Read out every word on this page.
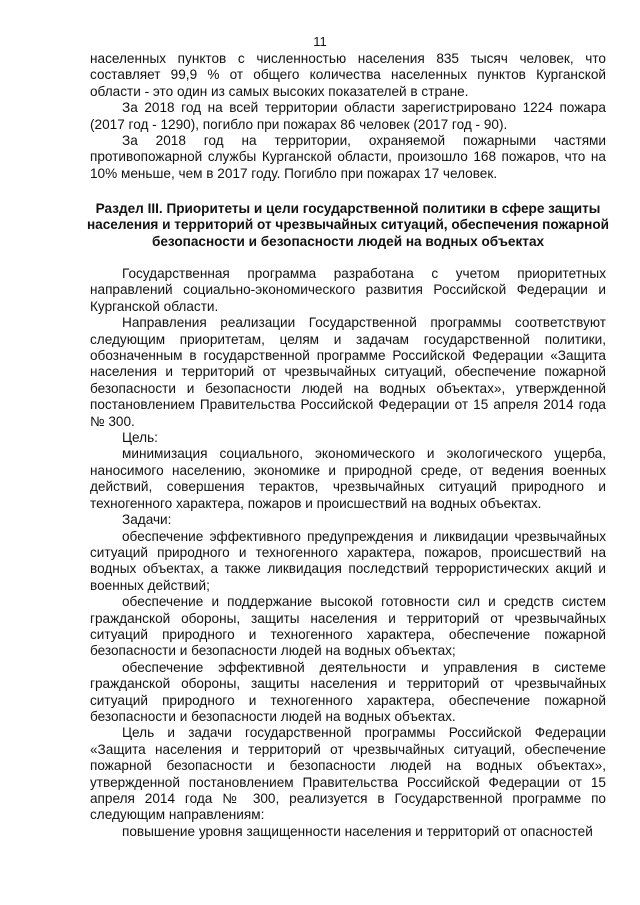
11

населенных пунктов с численностью населения 835 тысяч человек, что составляет 99,9 % от общего количества населенных пунктов Курганской области - это один из самых высоких показателей в стране.

За 2018 год на всей территории области зарегистрировано 1224 пожара (2017 год - 1290), погибло при пожарах 86 человек (2017 год - 90).

За 2018 год на территории, охраняемой пожарными частями противопожарной службы Курганской области, произошло 168 пожаров, что на 10% меньше, чем в 2017 году. Погибло при пожарах 17 человек.

Раздел III. Приоритеты и цели государственной политики в сфере защиты населения и территорий от чрезвычайных ситуаций, обеспечения пожарной безопасности и безопасности людей на водных объектах

Государственная программа разработана с учетом приоритетных направлений социально-экономического развития Российской Федерации и Курганской области.

Направления реализации Государственной программы соответствуют следующим приоритетам, целям и задачам государственной политики, обозначенным в государственной программе Российской Федерации «Защита населения и территорий от чрезвычайных ситуаций, обеспечение пожарной безопасности и безопасности людей на водных объектах», утвержденной постановлением Правительства Российской Федерации от 15 апреля 2014 года № 300.

Цель:

минимизация социального, экономического и экологического ущерба, наносимого населению, экономике и природной среде, от ведения военных действий, совершения терактов, чрезвычайных ситуаций природного и техногенного характера, пожаров и происшествий на водных объектах.

Задачи:

обеспечение эффективного предупреждения и ликвидации чрезвычайных ситуаций природного и техногенного характера, пожаров, происшествий на водных объектах, а также ликвидация последствий террористических акций и военных действий;

обеспечение и поддержание высокой готовности сил и средств систем гражданской обороны, защиты населения и территорий от чрезвычайных ситуаций природного и техногенного характера, обеспечение пожарной безопасности и безопасности людей на водных объектах;

обеспечение эффективной деятельности и управления в системе гражданской обороны, защиты населения и территорий от чрезвычайных ситуаций природного и техногенного характера, обеспечение пожарной безопасности и безопасности людей на водных объектах.

Цель и задачи государственной программы Российской Федерации «Защита населения и территорий от чрезвычайных ситуаций, обеспечение пожарной безопасности и безопасности людей на водных объектах», утвержденной постановлением Правительства Российской Федерации от 15 апреля 2014 года № 300, реализуется в Государственной программе по следующим направлениям:

повышение уровня защищенности населения и территорий от опасностей
